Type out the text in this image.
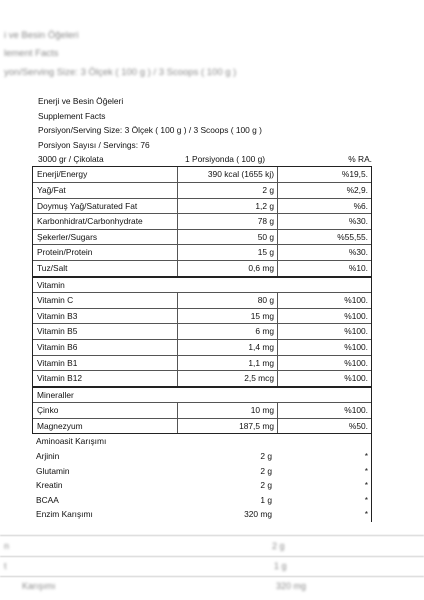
i ve Besin Öğeleri
lement Facts
yon/Serving Size: 3 Ölçek ( 100 g ) / 3 Scoops ( 100 g )
n	2 g
t	1 g
Karışımı	320 mg
Enerji ve Besin Öğeleri
Supplement Facts
Porsiyon/Serving Size: 3 Ölçek ( 100 g ) / 3 Scoops ( 100 g )
Porsiyon Sayısı / Servings: 76
3000 gr / Çikolata	1 Porsiyonda ( 100 g)	% RA.
Enerji/Energy	390 kcal (1655 kj)	%19,5.
Yağ/Fat	2 g	%2,9.
Doymuş Yağ/Saturated Fat	1,2 g	%6.
Karbonhidrat/Carbonhydrate	78 g	%30.
Şekerler/Sugars	50 g	%55,55.
Protein/Protein	15 g	%30.
Tuz/Salt	0,6 mg	%10.
Vitamin
Vitamin C	80 g	%100.
Vitamin B3	15 mg	%100.
Vitamin B5	6 mg	%100.
Vitamin B6	1,4 mg	%100.
Vitamin B1	1,1 mg	%100.
Vitamin B12	2,5 mcg	%100.
Mineraller
Çinko	10 mg	%100.
Magnezyum	187,5 mg	%50.
Aminoasit Karışımı
Arjinin	2 g	*
Glutamin	2 g	*
Kreatin	2 g	*
BCAA	1 g	*
Enzim Karışımı	320 mg	*
